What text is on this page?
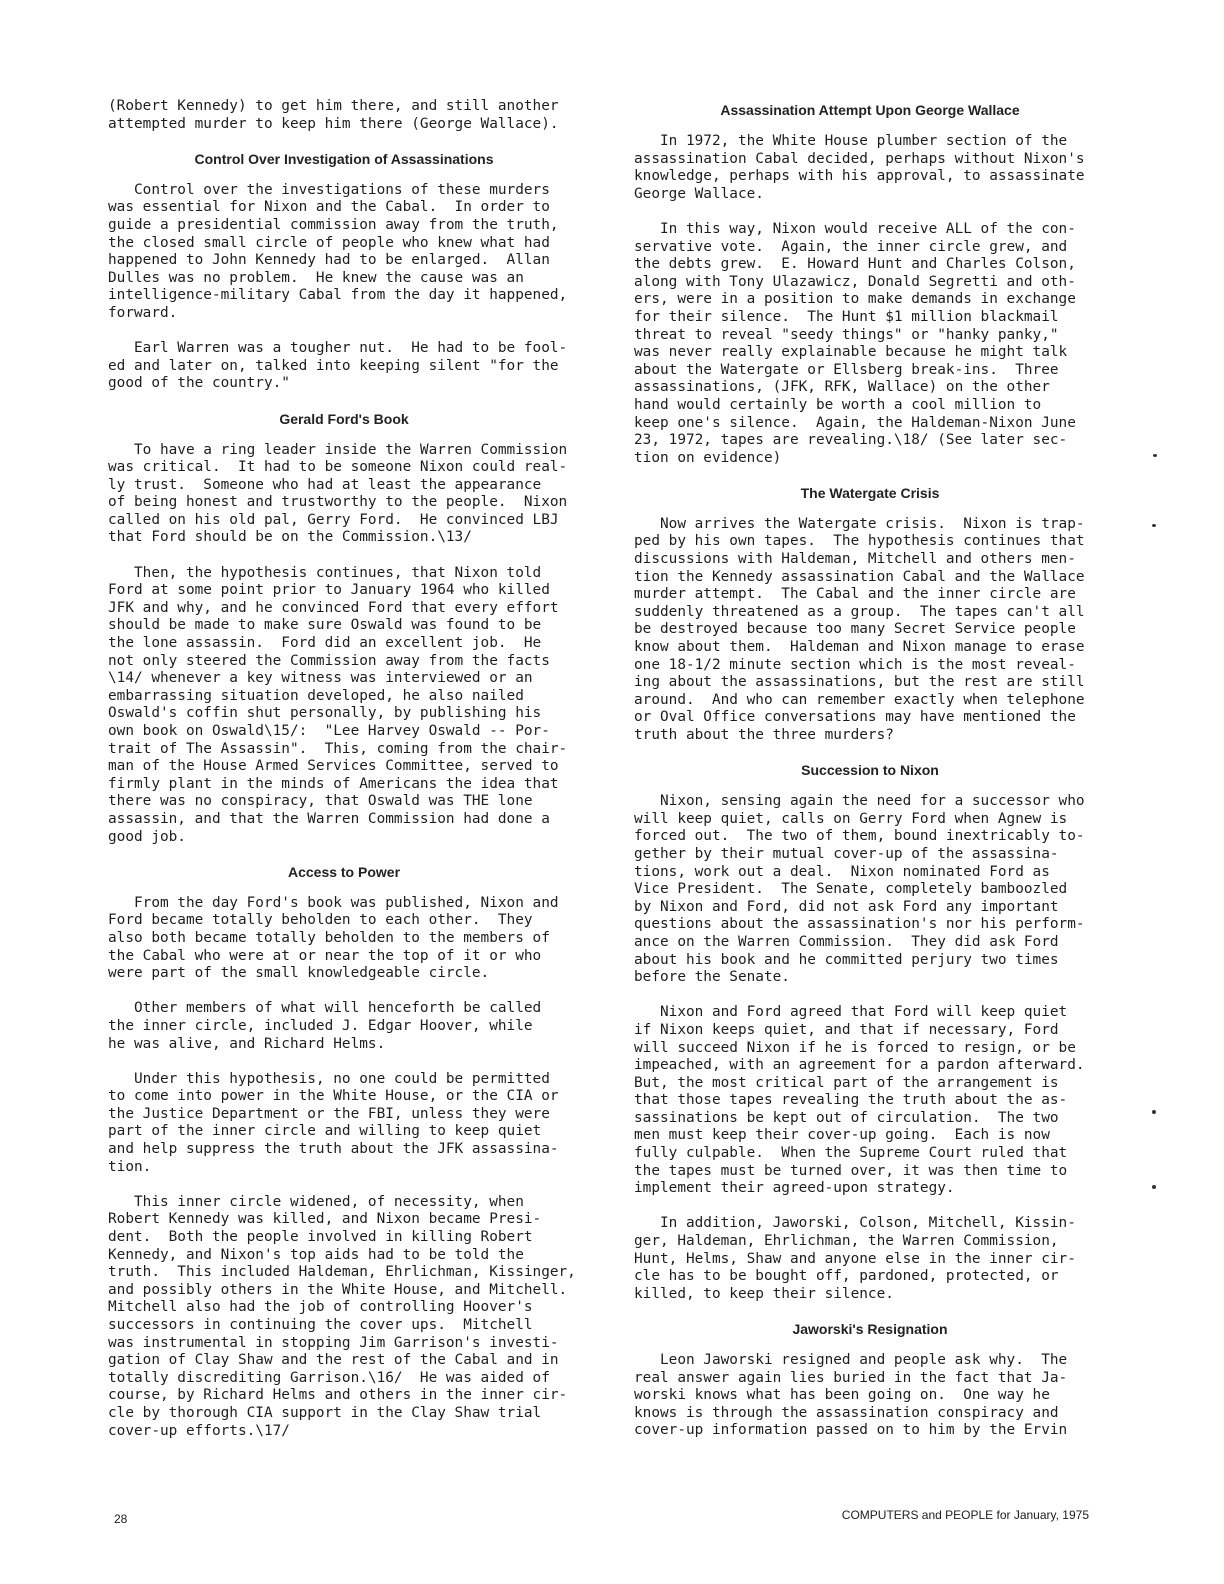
(Robert Kennedy) to get him there, and still another
attempted murder to keep him there (George Wallace).
Control Over Investigation of Assassinations
Control over the investigations of these murders
was essential for Nixon and the Cabal.  In order to
guide a presidential commission away from the truth,
the closed small circle of people who knew what had
happened to John Kennedy had to be enlarged.  Allan
Dulles was no problem.  He knew the cause was an
intelligence-military Cabal from the day it happened,
forward.
Earl Warren was a tougher nut.  He had to be fool-
ed and later on, talked into keeping silent "for the
good of the country."
Gerald Ford's Book
To have a ring leader inside the Warren Commission
was critical.  It had to be someone Nixon could real-
ly trust.  Someone who had at least the appearance
of being honest and trustworthy to the people.  Nixon
called on his old pal, Gerry Ford.  He convinced LBJ
that Ford should be on the Commission.\13/
Then, the hypothesis continues, that Nixon told
Ford at some point prior to January 1964 who killed
JFK and why, and he convinced Ford that every effort
should be made to make sure Oswald was found to be
the lone assassin.  Ford did an excellent job.  He
not only steered the Commission away from the facts
\14/ whenever a key witness was interviewed or an
embarrassing situation developed, he also nailed
Oswald's coffin shut personally, by publishing his
own book on Oswald\15/:  "Lee Harvey Oswald -- Por-
trait of The Assassin".  This, coming from the chair-
man of the House Armed Services Committee, served to
firmly plant in the minds of Americans the idea that
there was no conspiracy, that Oswald was THE lone
assassin, and that the Warren Commission had done a
good job.
Access to Power
From the day Ford's book was published, Nixon and
Ford became totally beholden to each other.  They
also both became totally beholden to the members of
the Cabal who were at or near the top of it or who
were part of the small knowledgeable circle.
Other members of what will henceforth be called
the inner circle, included J. Edgar Hoover, while
he was alive, and Richard Helms.
Under this hypothesis, no one could be permitted
to come into power in the White House, or the CIA or
the Justice Department or the FBI, unless they were
part of the inner circle and willing to keep quiet
and help suppress the truth about the JFK assassina-
tion.
This inner circle widened, of necessity, when
Robert Kennedy was killed, and Nixon became Presi-
dent.  Both the people involved in killing Robert
Kennedy, and Nixon's top aids had to be told the
truth.  This included Haldeman, Ehrlichman, Kissinger,
and possibly others in the White House, and Mitchell.
Mitchell also had the job of controlling Hoover's
successors in continuing the cover ups.  Mitchell
was instrumental in stopping Jim Garrison's investi-
gation of Clay Shaw and the rest of the Cabal and in
totally discrediting Garrison.\16/  He was aided of
course, by Richard Helms and others in the inner cir-
cle by thorough CIA support in the Clay Shaw trial
cover-up efforts.\17/
Assassination Attempt Upon George Wallace
In 1972, the White House plumber section of the
assassination Cabal decided, perhaps without Nixon's
knowledge, perhaps with his approval, to assassinate
George Wallace.
In this way, Nixon would receive ALL of the con-
servative vote.  Again, the inner circle grew, and
the debts grew.  E. Howard Hunt and Charles Colson,
along with Tony Ulazawicz, Donald Segretti and oth-
ers, were in a position to make demands in exchange
for their silence.  The Hunt $1 million blackmail
threat to reveal "seedy things" or "hanky panky,"
was never really explainable because he might talk
about the Watergate or Ellsberg break-ins.  Three
assassinations, (JFK, RFK, Wallace) on the other
hand would certainly be worth a cool million to
keep one's silence.  Again, the Haldeman-Nixon June
23, 1972, tapes are revealing.\18/ (See later sec-
tion on evidence)
The Watergate Crisis
Now arrives the Watergate crisis.  Nixon is trap-
ped by his own tapes.  The hypothesis continues that
discussions with Haldeman, Mitchell and others men-
tion the Kennedy assassination Cabal and the Wallace
murder attempt.  The Cabal and the inner circle are
suddenly threatened as a group.  The tapes can't all
be destroyed because too many Secret Service people
know about them.  Haldeman and Nixon manage to erase
one 18-1/2 minute section which is the most reveal-
ing about the assassinations, but the rest are still
around.  And who can remember exactly when telephone
or Oval Office conversations may have mentioned the
truth about the three murders?
Succession to Nixon
Nixon, sensing again the need for a successor who
will keep quiet, calls on Gerry Ford when Agnew is
forced out.  The two of them, bound inextricably to-
gether by their mutual cover-up of the assassina-
tions, work out a deal.  Nixon nominated Ford as
Vice President.  The Senate, completely bamboozled
by Nixon and Ford, did not ask Ford any important
questions about the assassination's nor his perform-
ance on the Warren Commission.  They did ask Ford
about his book and he committed perjury two times
before the Senate.
Nixon and Ford agreed that Ford will keep quiet
if Nixon keeps quiet, and that if necessary, Ford
will succeed Nixon if he is forced to resign, or be
impeached, with an agreement for a pardon afterward.
But, the most critical part of the arrangement is
that those tapes revealing the truth about the as-
sassinations be kept out of circulation.  The two
men must keep their cover-up going.  Each is now
fully culpable.  When the Supreme Court ruled that
the tapes must be turned over, it was then time to
implement their agreed-upon strategy.
In addition, Jaworski, Colson, Mitchell, Kissin-
ger, Haldeman, Ehrlichman, the Warren Commission,
Hunt, Helms, Shaw and anyone else in the inner cir-
cle has to be bought off, pardoned, protected, or
killed, to keep their silence.
Jaworski's Resignation
Leon Jaworski resigned and people ask why.  The
real answer again lies buried in the fact that Ja-
worski knows what has been going on.  One way he
knows is through the assassination conspiracy and
cover-up information passed on to him by the Ervin
28	COMPUTERS and PEOPLE for January, 1975
